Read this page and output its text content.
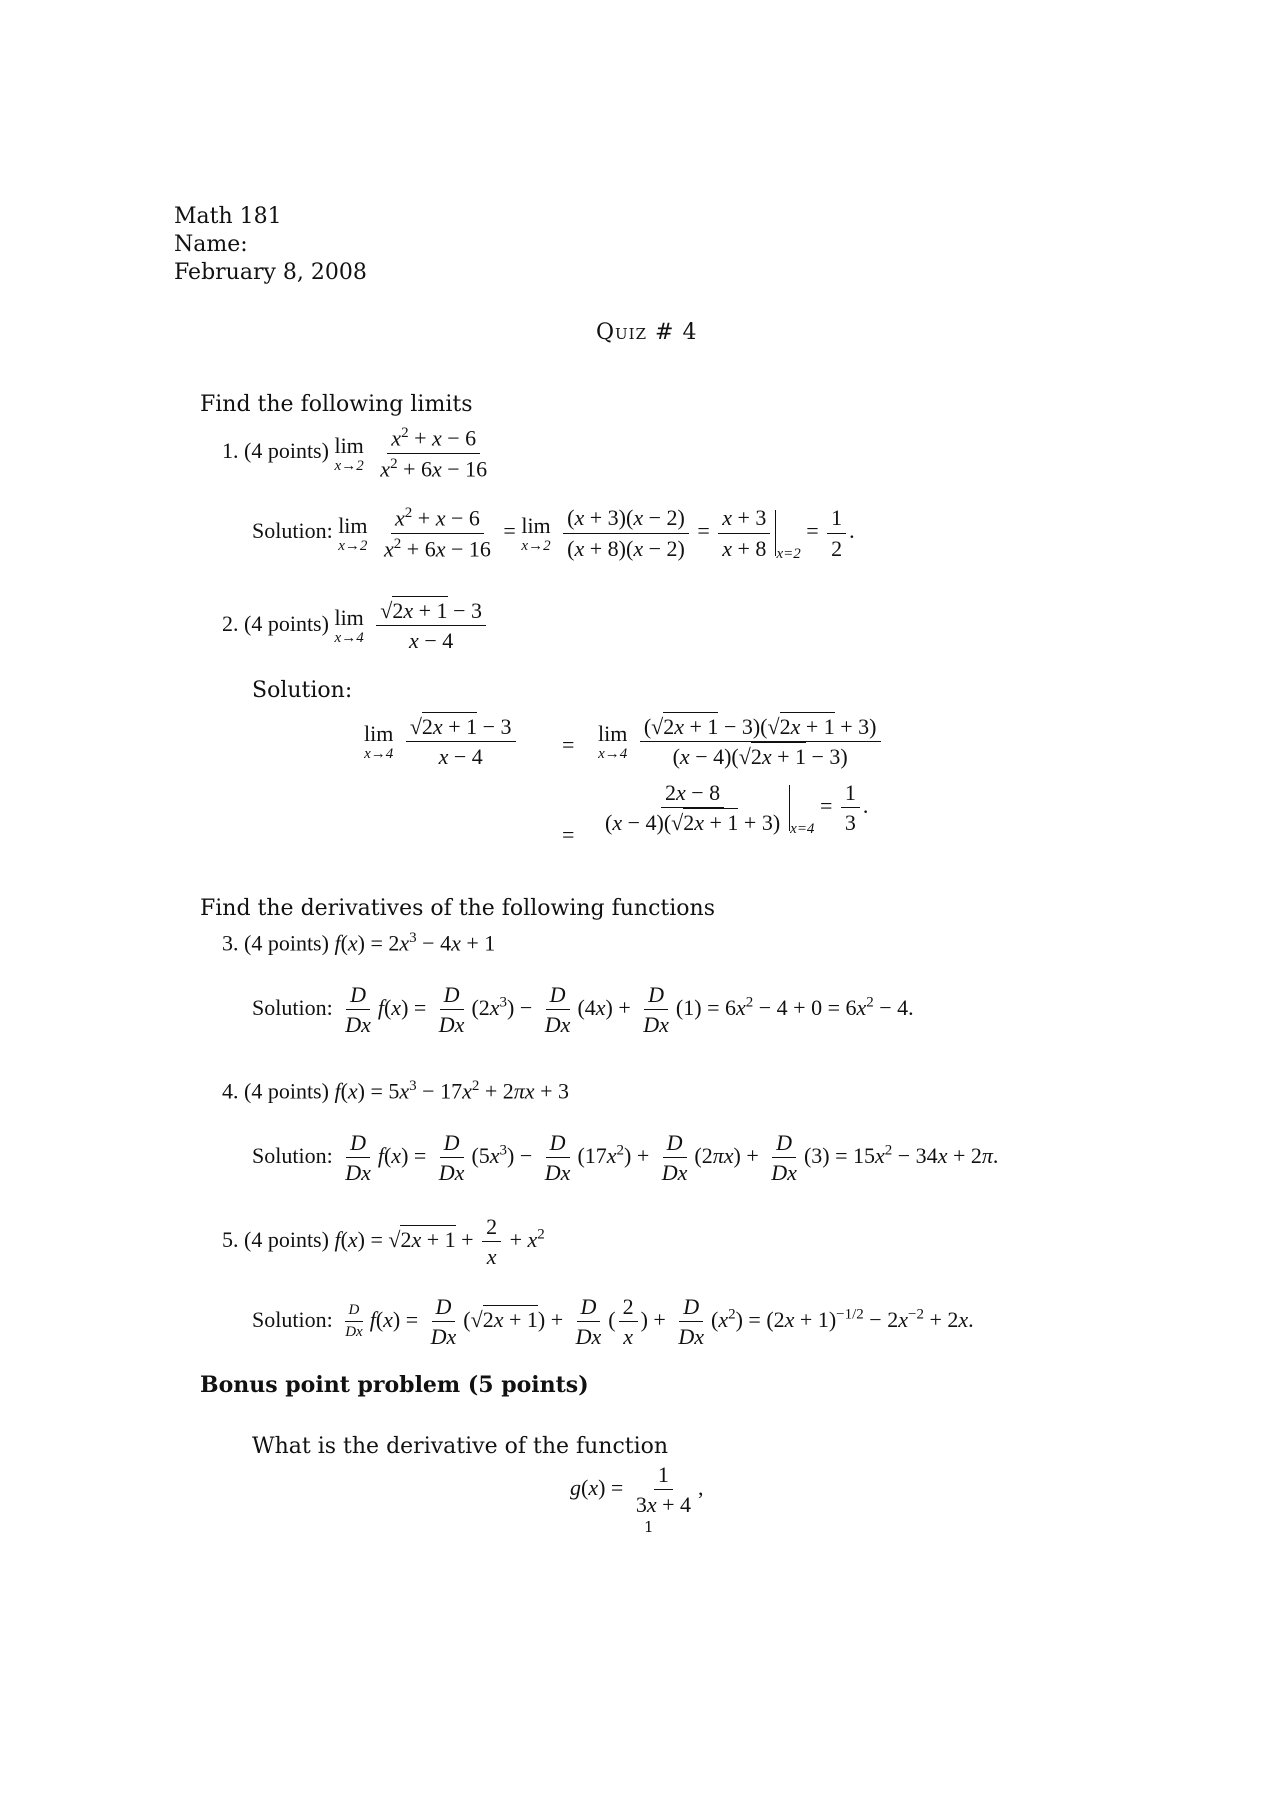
Math 181
Name:
February 8, 2008
Quiz # 4
Find the following limits
1. (4 points) lim
x→2
$\frac{x^2 + x - 6}{x^2 + 6x - 16}$
Solution: lim
x→2
$\frac{x^2 + x - 6}{x^2 + 6x - 16} = \lim$
x→2
$\frac{(x + 3)(x - 2)}{(x + 8)(x - 2)} = \frac{x + 3}{x + 8} _{x=2} = \frac{1}{2}$ .
2. (4 points) lim
x→4
$\frac{√2x + 1 - 3}{x - 4}$
Solution:
lim
x→4
$\frac{√2x + 1 - 3}{x - 4} = \lim$
x→4
$\frac{(√2x + 1 - 3)(√2x + 1 + 3)}{(x - 4)(√2x + 1 - 3)}$
= $\frac{2x - 8}{(x - 4)(√2x + 1 + 3)} _{x=4} = \frac{1}{3}$ .
Find the derivatives of the following functions
3. (4 points) $f(x) = 2x^3 - 4x + 1$
Solution: $\frac{D}{Dx} f(x) = \frac{D}{Dx} (2x^3) - \frac{D}{Dx} (4x) + \frac{D}{Dx} (1) = 6x^2 - 4 + 0 = 6x^2 - 4$.
4. (4 points) $f(x) = 5x^3 - 17x^2 + 2\pi x + 3$
Solution: $\frac{D}{Dx} f(x) = \frac{D}{Dx} (5x^3) - \frac{D}{Dx} (17x^2) + \frac{D}{Dx} (2\pi x) + \frac{D}{Dx} (3) = 15x^2 - 34x + 2\pi$.
5. (4 points) $f(x) = √2x + 1 + \frac{2}{x} + x^2$
Solution: $\frac{D}{Dx} f(x) = \frac{D}{Dx} (√2x + 1) + \frac{D}{Dx}$ ( $\frac{2}{x}$ ) + $\frac{D}{Dx} (x^2) = (2x + 1)^{-1/2} - 2x^{-2} + 2x$.
Bonus point problem (5 points)
What is the derivative of the function
$g(x) = \frac{1}{3x + 4}$ ,
1
